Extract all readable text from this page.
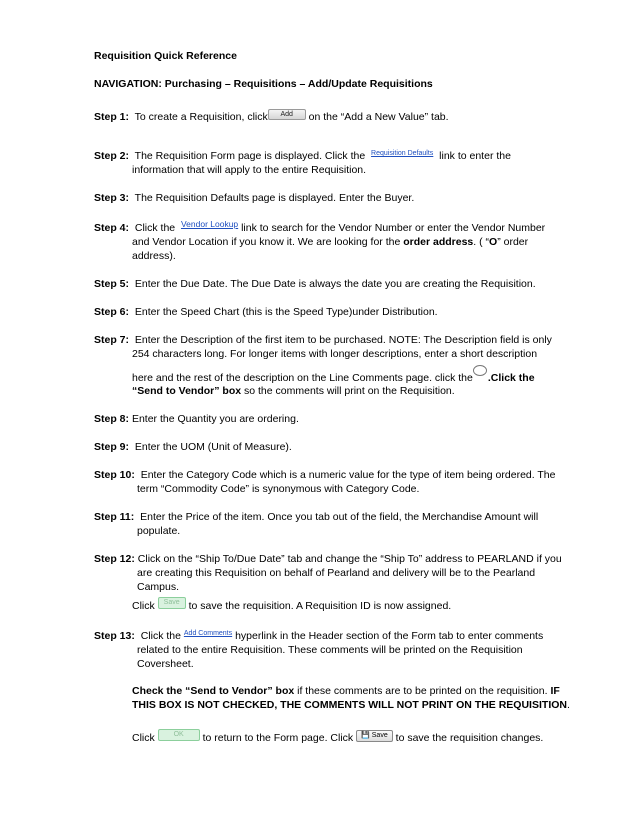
Requisition Quick Reference
NAVIGATION: Purchasing – Requisitions – Add/Update Requisitions
Step 1: To create a Requisition, click Add on the “Add a New Value” tab.
Step 2: The Requisition Form page is displayed. Click the $^{Requisition Defaults}$ link to enter the
information that will apply to the entire Requisition.
Step 3: The Requisition Defaults page is displayed. Enter the Buyer.
Step 4: Click the $^{Vendor Lookup}$ link to search for the Vendor Number or enter the Vendor Number
and Vendor Location if you know it. We are looking for the order address. ( “O” order
address).
Step 5: Enter the Due Date. The Due Date is always the date you are creating the Requisition.
Step 6: Enter the Speed Chart (this is the Speed Type)under Distribution.
Step 7: Enter the Description of the first item to be purchased. NOTE: The Description field is only
254 characters long. For longer items with longer descriptions, enter a short description
here and the rest of the description on the Line Comments page. click the .Click the
“Send to Vendor” box so the comments will print on the Requisition.
Step 8: Enter the Quantity you are ordering.
Step 9: Enter the UOM (Unit of Measure).
Step 10: Enter the Category Code which is a numeric value for the type of item being ordered. The
term “Commodity Code” is synonymous with Category Code.
Step 11: Enter the Price of the item. Once you tab out of the field, the Merchandise Amount will
populate.
Step 12: Click on the “Ship To/Due Date” tab and change the “Ship To” address to PEARLAND if you
are creating this Requisition on behalf of Pearland and delivery will be to the Pearland
Campus.
Click Save to save the requisition. A Requisition ID is now assigned.
Step 13: Click the $^{Add Comments}$ hyperlink in the Header section of the Form tab to enter comments
related to the entire Requisition. These comments will be printed on the Requisition
Coversheet.
Check the “Send to Vendor” box if these comments are to be printed on the requisition. IF
THIS BOX IS NOT CHECKED, THE COMMENTS WILL NOT PRINT ON THE REQUISITION.
Click	OK to return to the Form page. Click 💾 Save to save the requisition changes.
